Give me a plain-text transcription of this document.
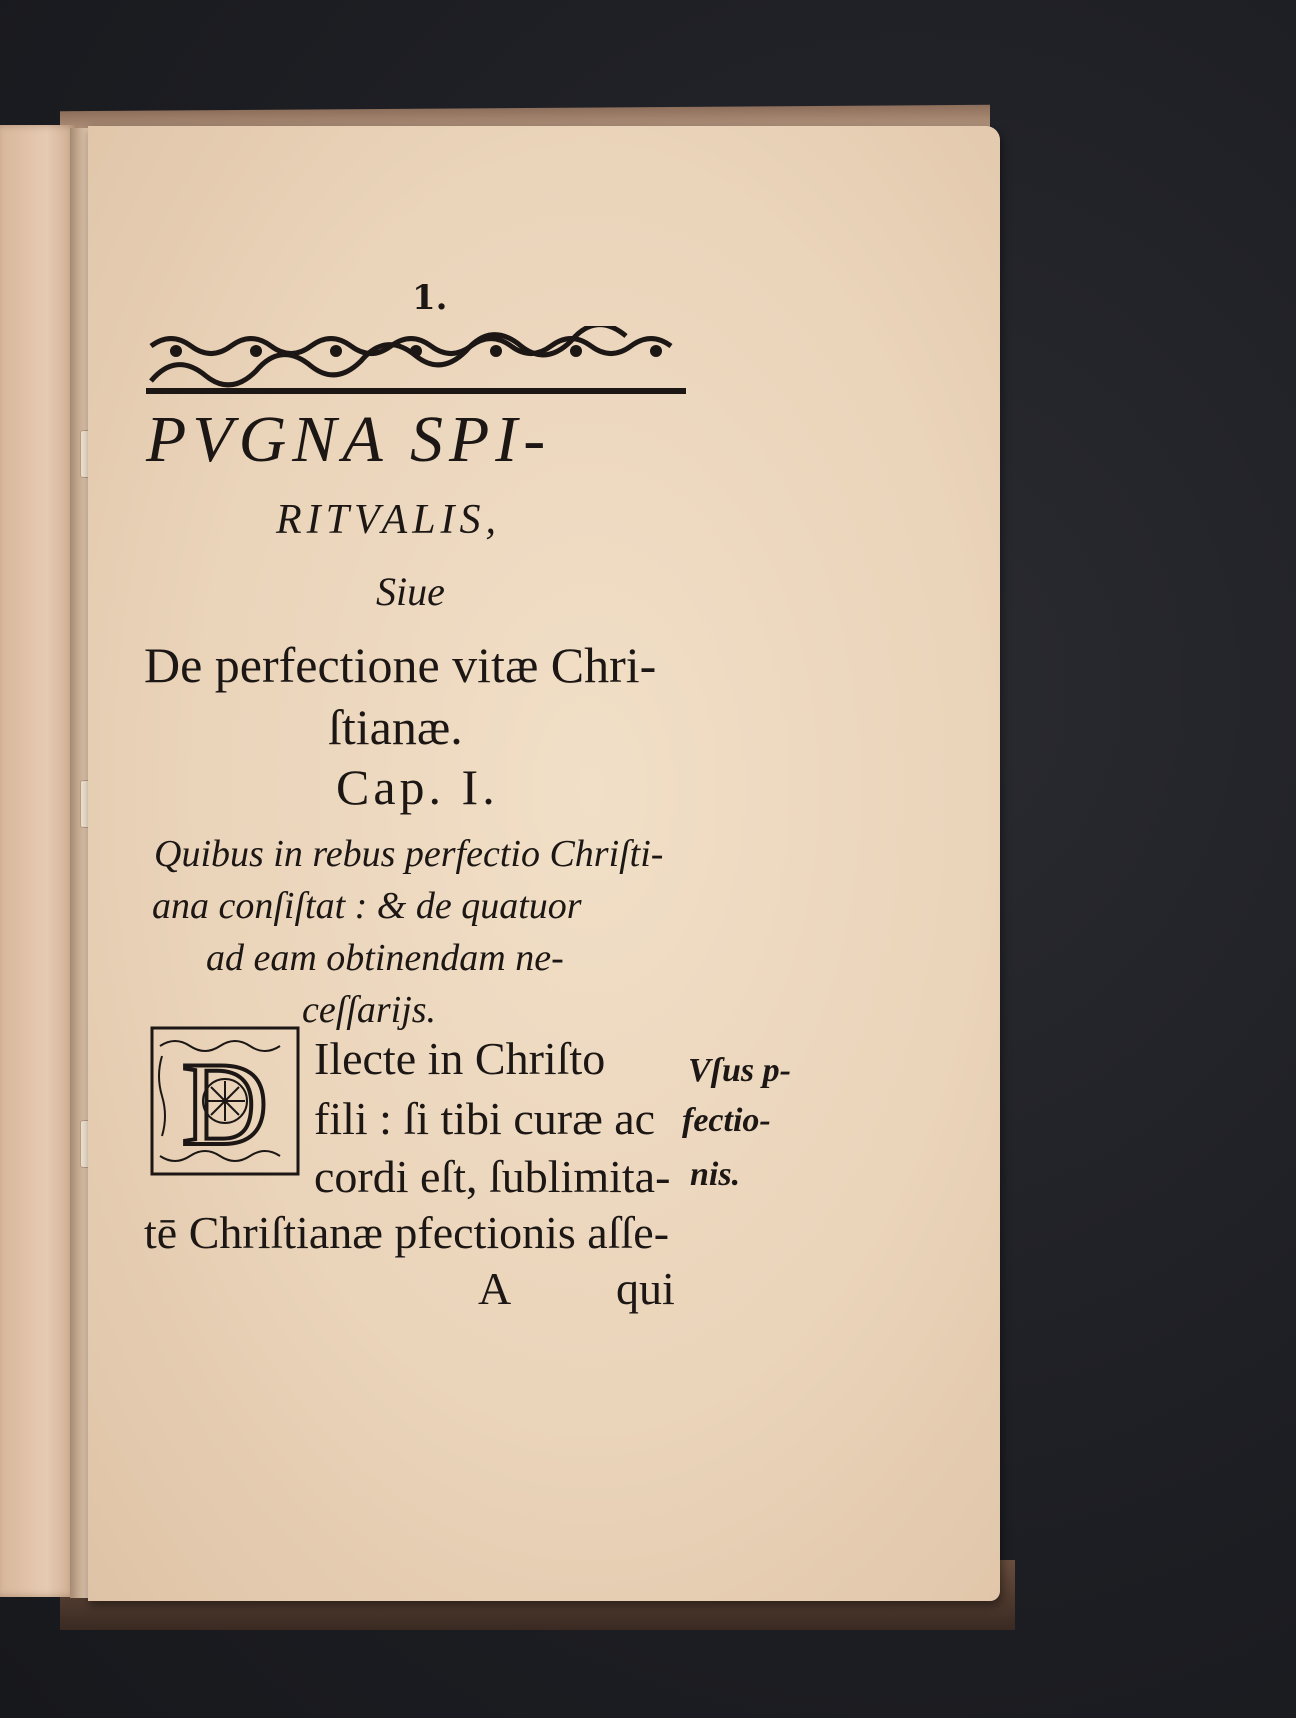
1.
PVGNA SPI-
RITVALIS,
Siue
De perfectione vitæ Chri-
ſtianæ.
Cap. I.
Quibus in rebus perfectio Chriſti-
ana conſiſtat : & de quatuor
ad eam obtinendam ne-
ceſſarijs.
D Ilecte in Chriſto
fili : ſi tibi curæ ac
cordi eſt, ſublimita-
tē Chriſtianæ pfectionis aſſe-
A qui
Vſus p-
fectio-
nis.
